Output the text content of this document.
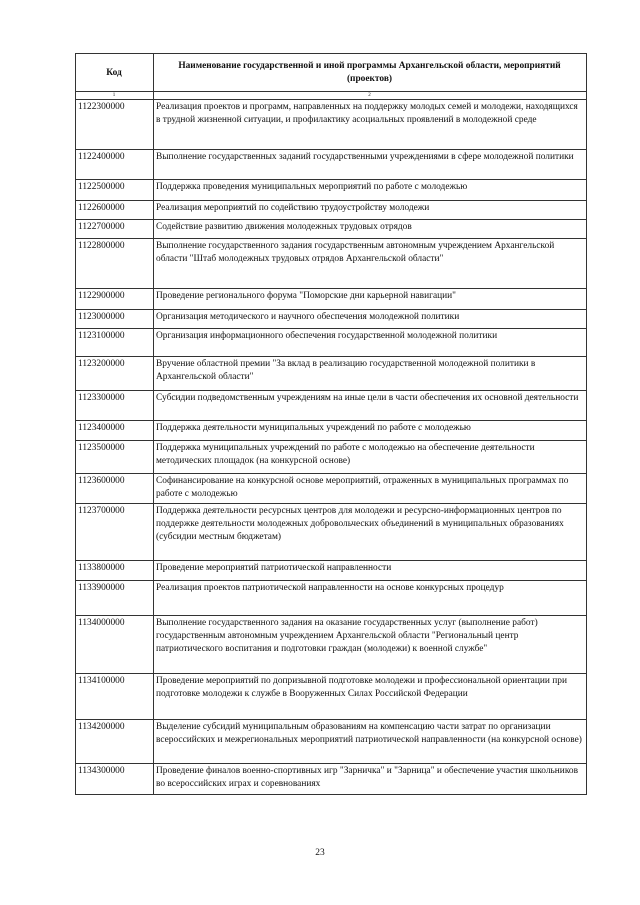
Код	Наименование государственной и иной программы Архангельской области, мероприятий (проектов)
1	2
1122300000	Реализация проектов и программ, направленных на поддержку молодых семей и молодежи, находящихся в трудной жизненной ситуации, и профилактику асоциальных проявлений в молодежной среде
1122400000	Выполнение государственных заданий государственными учреждениями в сфере молодежной политики
1122500000	Поддержка проведения муниципальных мероприятий по работе с молодежью
1122600000	Реализация мероприятий по содействию трудоустройству молодежи
1122700000	Содействие развитию движения молодежных трудовых отрядов
1122800000	Выполнение государственного задания государственным автономным учреждением Архангельской области "Штаб молодежных трудовых отрядов Архангельской области"
1122900000	Проведение регионального форума "Поморские дни карьерной навигации"
1123000000	Организация методического и научного обеспечения молодежной политики
1123100000	Организация информационного обеспечения государственной молодежной политики
1123200000	Вручение областной премии "За вклад в реализацию государственной молодежной политики в Архангельской области"
1123300000	Субсидии подведомственным учреждениям на иные цели в части обеспечения их основной деятельности
1123400000	Поддержка деятельности муниципальных учреждений по работе с молодежью
1123500000	Поддержка муниципальных учреждений по работе с молодежью на обеспечение деятельности методических площадок (на конкурсной основе)
1123600000	Софинансирование на конкурсной основе мероприятий, отраженных в муниципальных программах по работе с молодежью
1123700000	Поддержка деятельности ресурсных центров для молодежи и ресурсно-информационных центров по поддержке деятельности молодежных добровольческих объединений в муниципальных образованиях (субсидии местным бюджетам)
1133800000	Проведение мероприятий патриотической направленности
1133900000	Реализация проектов патриотической направленности на основе конкурсных процедур
1134000000	Выполнение государственного задания на оказание государственных услуг (выполнение работ) государственным автономным учреждением Архангельской области "Региональный центр патриотического воспитания и подготовки граждан (молодежи) к военной службе"
1134100000	Проведение мероприятий по допризывной подготовке молодежи и профессиональной ориентации при подготовке молодежи к службе в Вооруженных Силах Российской Федерации
1134200000	Выделение субсидий муниципальным образованиям на компенсацию части затрат по организации всероссийских и межрегиональных мероприятий патриотической направленности (на конкурсной основе)
1134300000	Проведение финалов военно-спортивных игр "Зарничка" и "Зарница" и обеспечение участия школьников во всероссийских играх и соревнованиях
23
